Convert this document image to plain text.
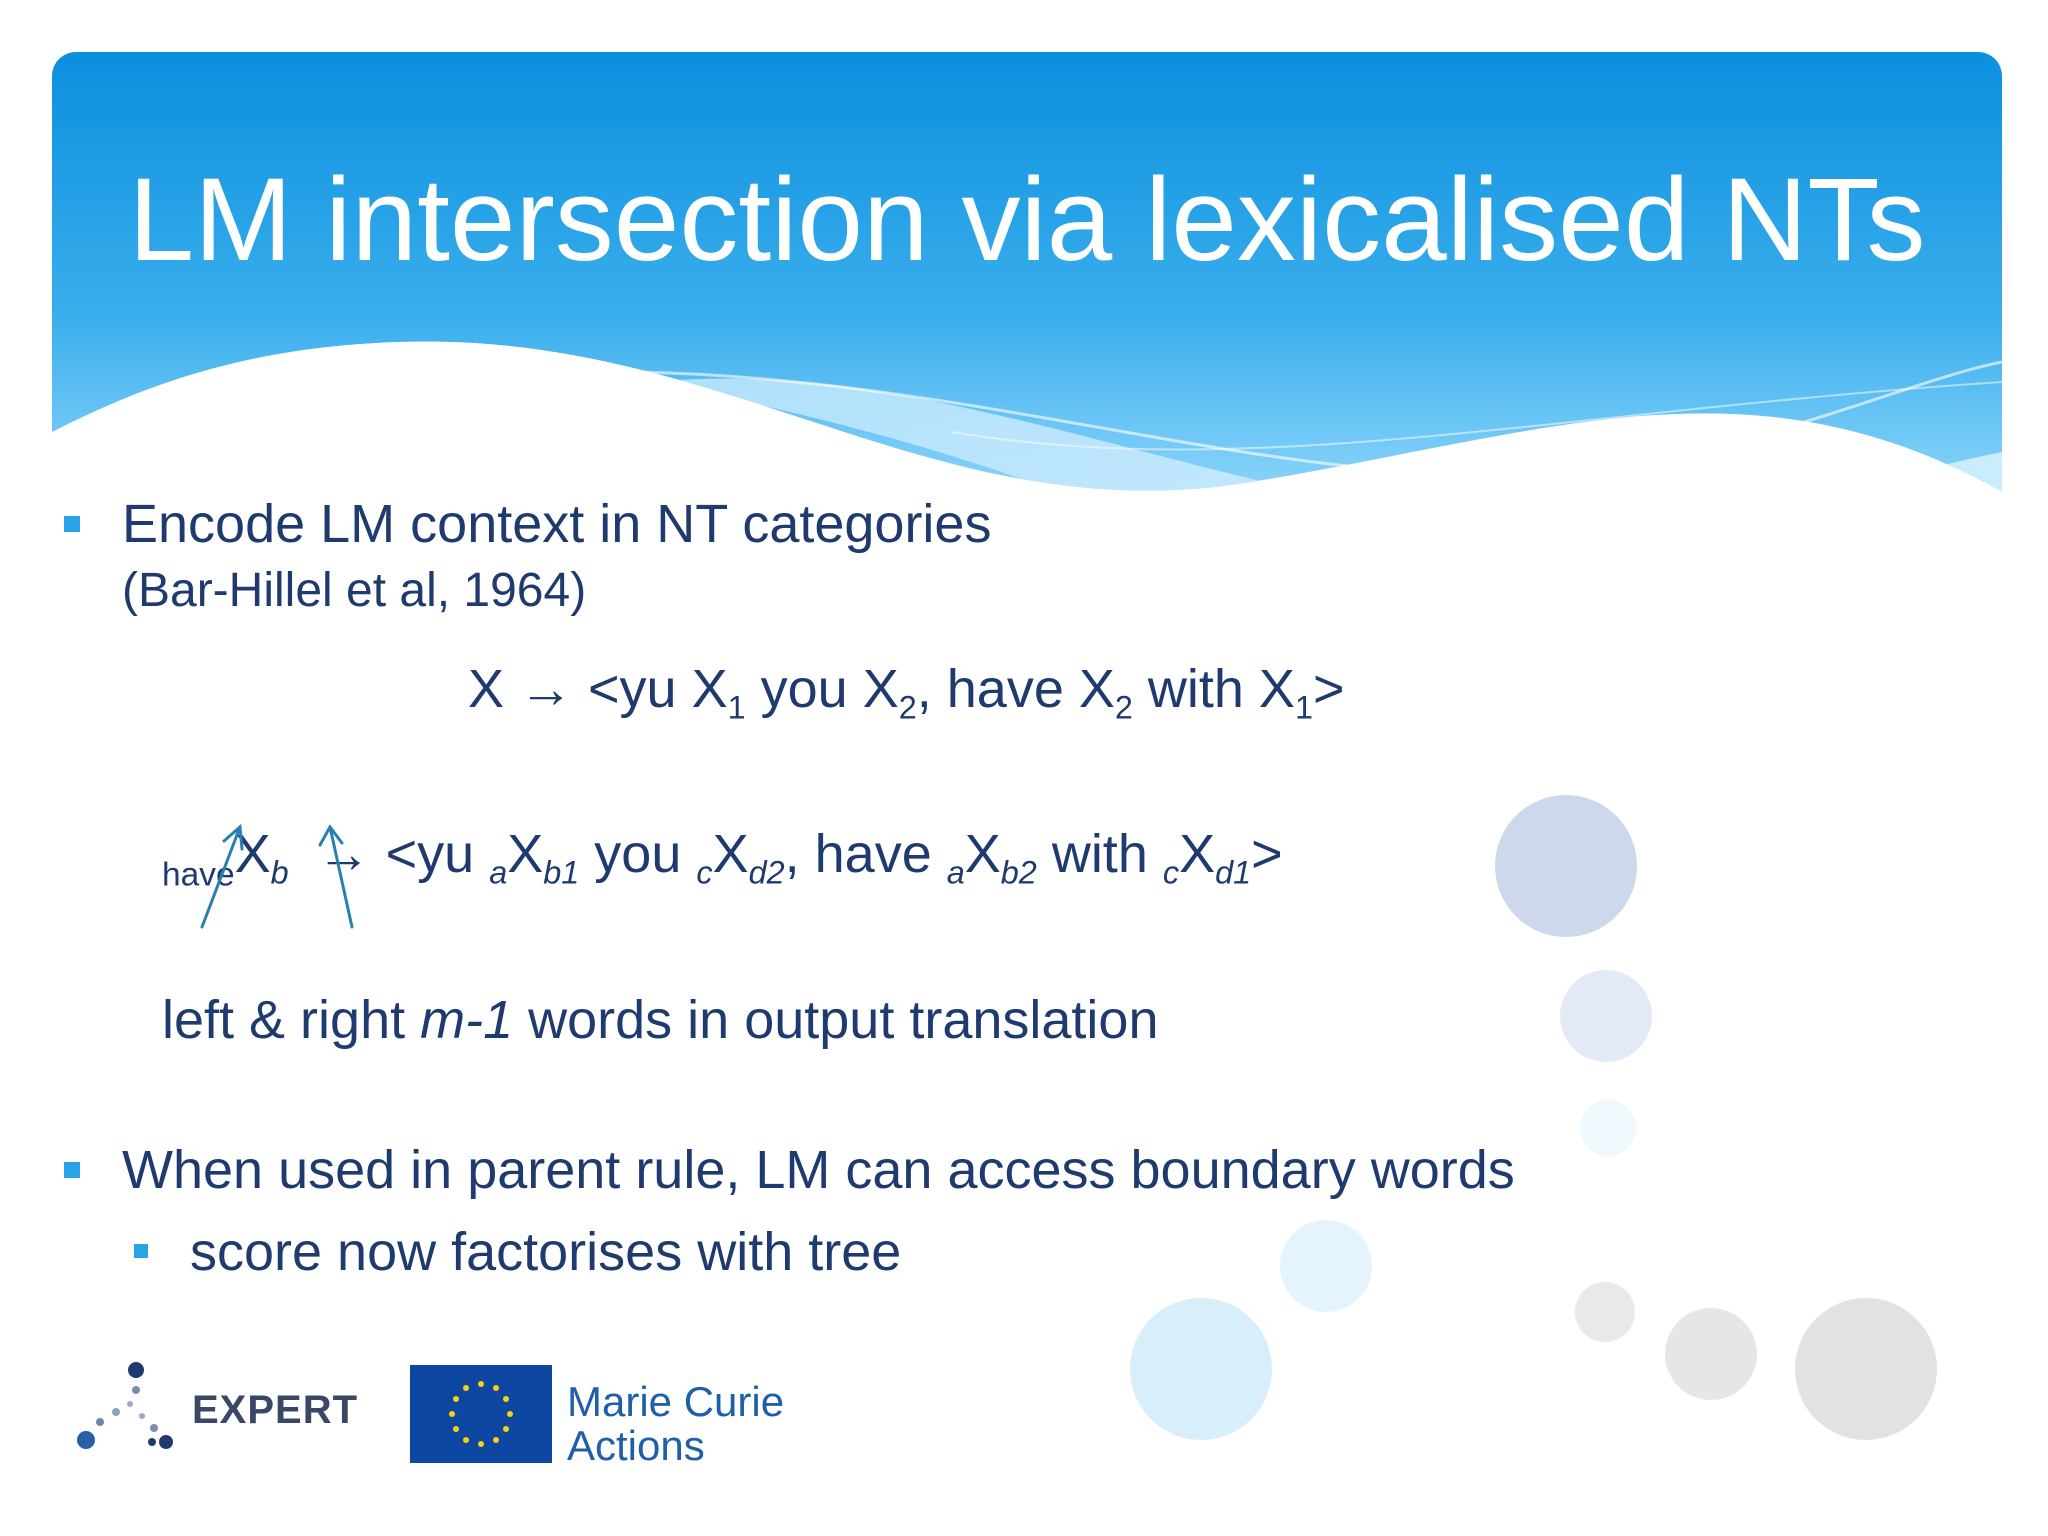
LM intersection via lexicalised NTs
Encode LM context in NT categories
(Bar-Hillel et al, 1964)
X → <yu $X_1$ you $X_2$, have $X_2$ with $X_1>$
$_{have}X_b \to <yu$ $_aX_{b1}$ you $_cX_{d2}$, have $_aX_{b2}$ with $_cX_{d1}>$
left & right m-1 words in output translation
When used in parent rule, LM can access boundary words
score now factorises with tree
EXPERT	Marie Curie
Actions
